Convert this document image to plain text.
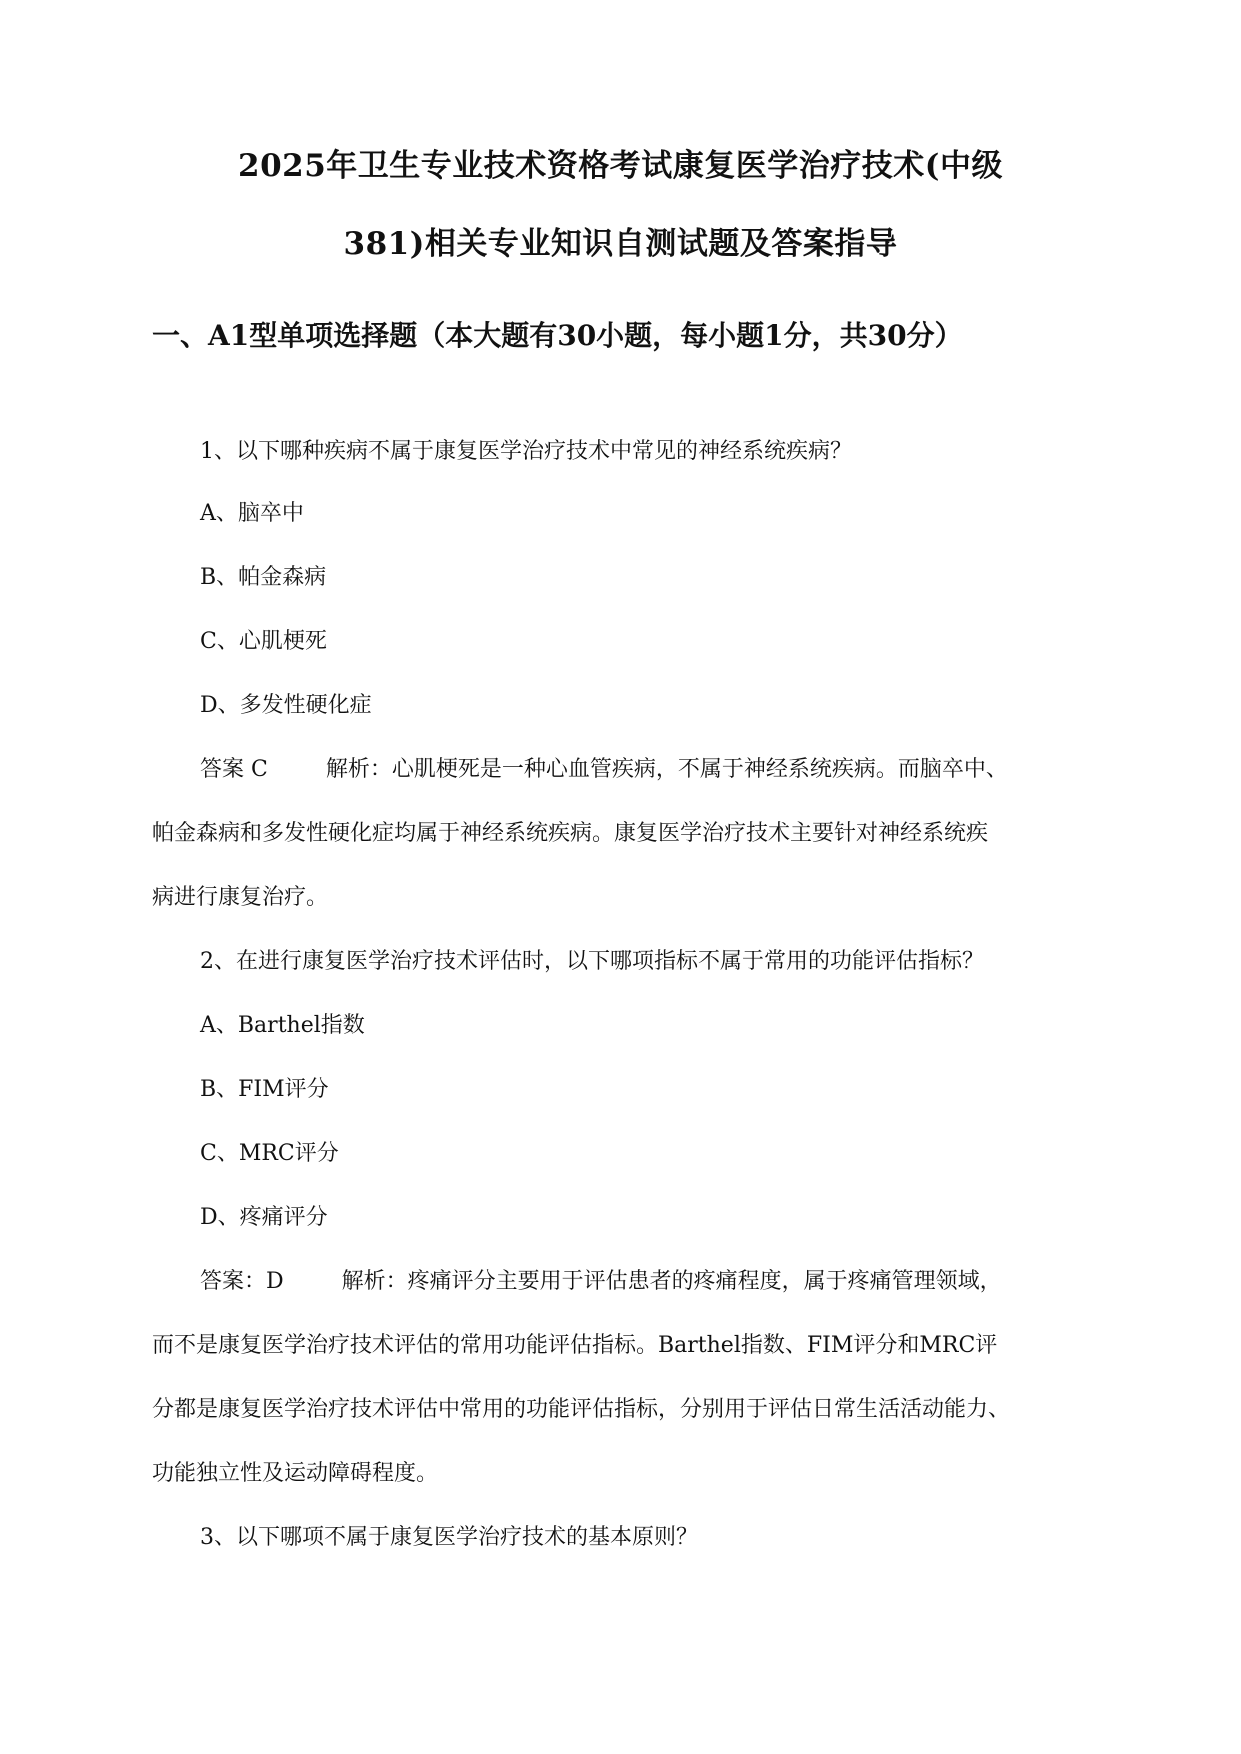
2025年卫生专业技术资格考试康复医学治疗技术(中级
381)相关专业知识自测试题及答案指导
一、A1型单项选择题（本大题有30小题，每小题1分，共30分）
1、以下哪种疾病不属于康复医学治疗技术中常见的神经系统疾病？
A、脑卒中
B、帕金森病
C、心肌梗死
D、多发性硬化症
答案 C	解析：心肌梗死是一种心血管疾病，不属于神经系统疾病。而脑卒中、
帕金森病和多发性硬化症均属于神经系统疾病。康复医学治疗技术主要针对神经系统疾
病进行康复治疗。
2、在进行康复医学治疗技术评估时，以下哪项指标不属于常用的功能评估指标？
A、Barthel指数
B、FIM评分
C、MRC评分
D、疼痛评分
答案：D	解析：疼痛评分主要用于评估患者的疼痛程度，属于疼痛管理领域，
而不是康复医学治疗技术评估的常用功能评估指标。Barthel指数、FIM评分和MRC评
分都是康复医学治疗技术评估中常用的功能评估指标，分别用于评估日常生活活动能力、
功能独立性及运动障碍程度。
3、以下哪项不属于康复医学治疗技术的基本原则？
